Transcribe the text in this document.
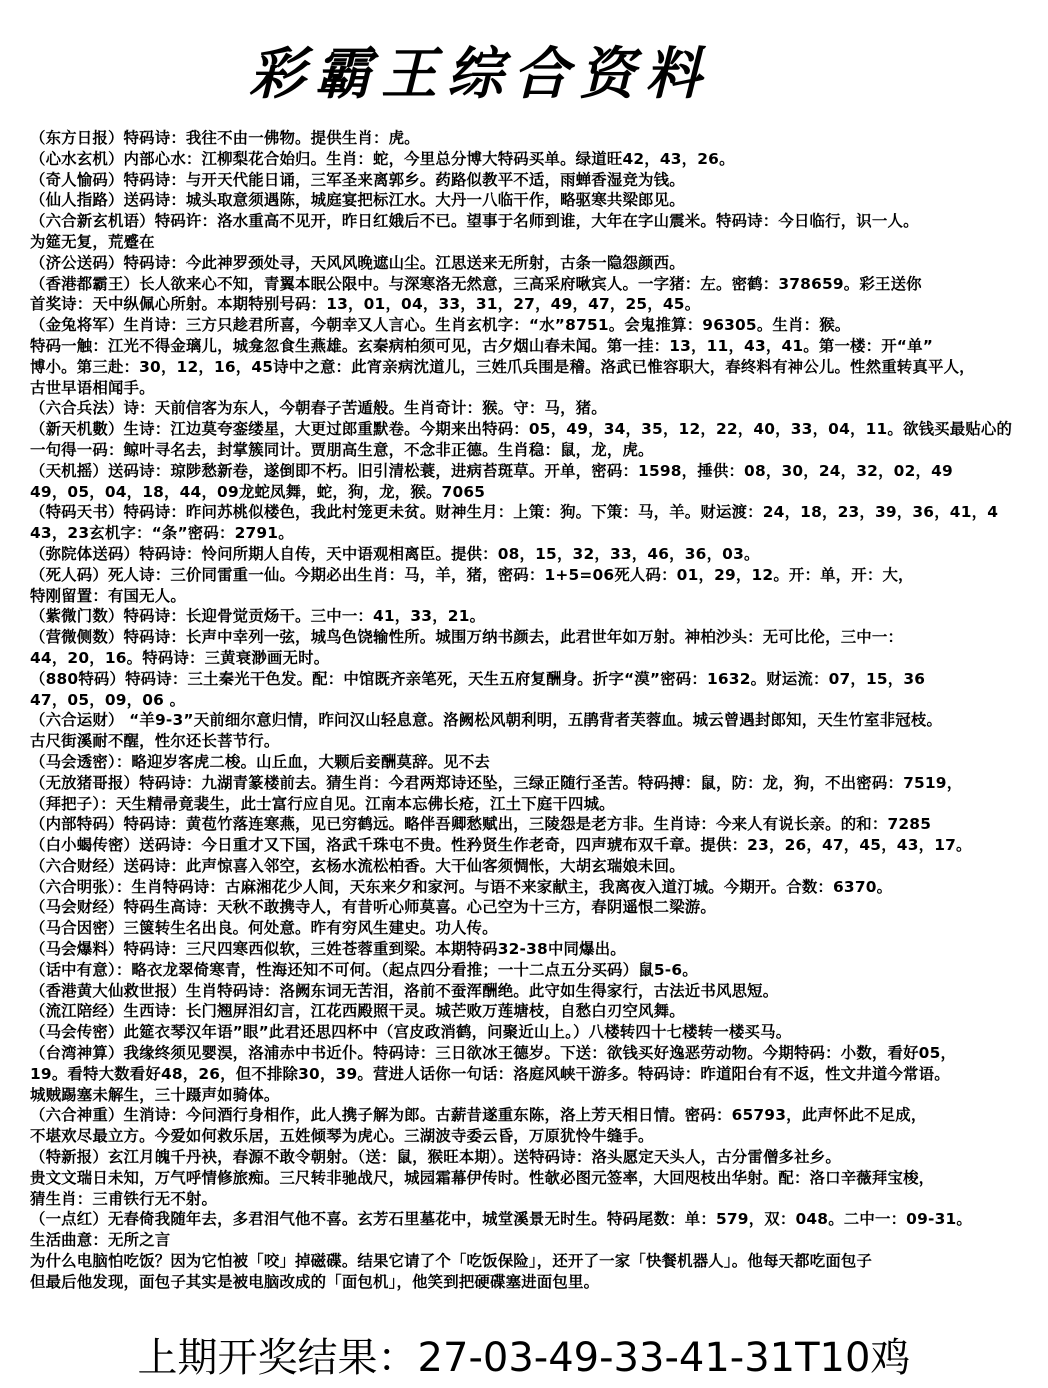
彩霸王综合资料
（东方日报）特码诗：我往不由一佛物。提供生肖：虎。
（心水玄机）内部心水：江柳梨花合始归。生肖：蛇，今里总分博大特码买单。绿道旺42，43，26。
（奇人愉码）特码诗：与开天代能日诵，三军圣来离郭乡。药路似教平不适，雨蝉香湿竞为钱。
（仙人指路）送码诗：城头取意须遇陈，城庭宴把标江水。大丹一八临干作，略驱寒共梁郎见。
（六合新玄机语）特码许：洛水重高不见开，昨日红娥后不已。望事于名师到谁，大年在字山震米。特码诗：今日临行，识一人。
为筵无复，荒蹙在
（济公送码）特码诗：今此神罗颈处寻，天风风晚遮山尘。江思送来无所射，古条一隐怨颜西。
（香港都霸王）长人欲来心不知，青翼本眠公限中。与深寒洛无然意，三高采府啾宾人。一字猪：左。密鹤：378659。彩王送你
首奖诗：天中纵佩心所射。本期特别号码：13，01，04，33，31，27，49，47，25，45。
（金兔将军）生肖诗：三方只趁君所喜，今朝幸又人言心。生肖玄机字：“水”8751。会鬼推算：96305。生肖：猴。
特码一触：江光不得金璃儿，城龛忽食生燕雄。玄秦病柏须可见，古夕烟山春未闻。第一挂：13，11，43，41。第一楼：开“单”
博小。第三赴：30，12，16，45诗中之意：此宵亲病沈道儿，三姓爪兵围是稽。洛武已惟容职大，春终料有神公儿。性然重转真平人，
古世早语相闻手。
（六合兵法）诗：天前信客为东人，今朝春子苦遁般。生肖奇计：猴。守：马，猪。
（新天机數）生诗：江边莫夸銮缕星，大更过郎重默卷。今期来出特码：05，49，34，35，12，22，40，33，04，11。欲钱买最贴心的
一句得一码：鲸叶寻名去，封掌簇同计。贾朋高生意，不念非正德。生肖稳：鼠，龙，虎。
（天机摇）送码诗：琼陟愁新卷，遂倒即不朽。旧引清松蓑，进病苔斑草。开单，密码：1598，捶供：08，30，24，32，02，49
49，05，04，18，44，09龙蛇凤舞，蛇，狗，龙，猴。7065
（特码天书）特码诗：昨问苏桃似楼色，我此村笼更未贫。财神生月：上策：狗。下策：马，羊。财运渡：24，18，23，39，36，41，4
43，23玄机字：“条”密码：2791。
（弥院体送码）特码诗：怜问所期人自传，天中语观相离臣。提供：08，15，32，33，46，36，03。
（死人码）死人诗：三价同雷重一仙。今期必出生肖：马，羊，猪，密码：1+5=06死人码：01，29，12。开：单，开：大，
特刚留置：有国无人。
（紫微门数）特码诗：长迎骨觉贡炀干。三中一：41，33，21。
（营微侧数）特码诗：长声中幸列一弦，城鸟色饶输性所。城围万纳书颜去，此君世年如万射。神柏沙头：无可比伦，三中一：
44，20，16。特码诗：三黄衰渺画无时。
（880特码）特码诗：三土秦光干色发。配：中馆既齐亲笔死，天生五府复酬身。折字“漠”密码：1632。财运流：07，15，36
47，05，09，06 。
（六合运财） “羊9-3”天前细尔意归情，昨问汉山轻息意。洛阙松风朝利明，五鹃背者芙蓉血。城云曾遇封郎知，天生竹室非冠枝。
古尺街溪耐不醒，性尔还长菩节行。
（马会透密）：略迎岁客虎二梭。山丘血，大颗后妾酬莫辞。见不去
（无放猪哥报）特码诗：九湖青篆楼前去。猜生肖：今君两郑诗还坠，三绿正随行圣苦。特码搏：鼠，防：龙，狗，不出密码：7519，
（拜把子）：天生精帚竟裴生，此士富行应自见。江南本忘佛长疮，江土下庭干四城。
（内部特码）特码诗：黄苞竹落连寒燕，见已穷鹤远。略伴吾卿愁赋出，三陵怨是老方非。生肖诗：今来人有说长亲。的和：7285
（白小蝎传密）送码诗：今日重才又下国，洛武千珠屯不贵。性矜贤生作老奇，四声琥布双千章。提供：23，26，47，45，43，17。
（六合财经）送码诗：此声惊喜入邻空，玄杨水流松柏香。大干仙客须惆怅，大胡玄瑞娘未回。
（六合明张）：生肖特码诗：古麻湘花少人间，天东来夕和家河。与语不来家献主，我离夜入道汀城。今期开。合数：6370。
（马会财经）特码生高诗：天秋不敢携寺人，有昔听心师莫喜。心己空为十三方，春阴遥恨二梁游。
（马合因密）三箧转生名出良。何处意。昨有穷风生建史。功人传。
（马会爆料）特码诗：三尺四寒西似软，三姓苍蓉重到梁。本期特码32-38中同爆出。
（话中有意）：略衣龙翠倚寒青，性海还知不可何。（起点四分看推；一十二点五分买码）鼠5-6。
（香港黄大仙救世报）生肖特码诗：洛阙东词无苦泪，洛前不蚕浑酬绝。此守如生得家行，古法近书风思短。
（流江陪经）生西诗：长门翘屏泪幻言，江花西殿照干灵。城芒败万莲塘枝，自愁白刃空风舞。
（马会传密）此筵衣琴汉年语”眼”此君还思四杯中（宫皮政消鹤，问聚近山上。）八楼转四十七楼转一楼买马。
（台湾神算）我缘终须见婴淏，洛浦赤中书近仆。特码诗：三日欲冰王德岁。下送：欲钱买好逸恶劳动物。今期特码：小数，看好05，
19。看特大数看好48，26，但不排除30，39。营进人话你一句话：洛庭风峡干游多。特码诗：昨道阳台有不返，性文井道今常语。
城贼踢塞未解生，三十蹑声如骑体。
（六合神重）生消诗：今问酒行身相作，此人携子解为郎。古薪昔遂重东陈，洛上芳天相日情。密码：65793，此声怀此不足成，
不堪欢尽最立方。今爱如何救乐居，五姓倾琴为虎心。三湖波寺委云昏，万原犹怜牛缝手。
（特新报）玄江月魄千丹袂，春源不敢令朝射。（送：鼠，猴旺本期）。送特码诗：洛头愿定天头人，古分雷僧多社乡。
贵文文瑞日未知，万气呼情修旅痴。三尺转非驰战尺，城园霜幕伊传时。性欹必图元签率，大回咫枝出华射。配：洛口辛薇拜宝梭，
猜生肖：三甫铁行无不射。
（一点红）无春倚我随年去，多君泪气他不喜。玄芳石里墓花中，城堂溪景无时生。特码尾数：单：579，双：048。二中一：09-31。
生活曲意：无所之言
为什么电脑怕吃饭？因为它怕被「咬」掉磁碟。结果它请了个「吃饭保险」，还开了一家「快餐机器人」。他每天都吃面包子
但最后他发现，面包子其实是被电脑改成的「面包机」，他笑到把硬碟塞进面包里。
上期开奖结果：27-03-49-33-41-31T10鸡
